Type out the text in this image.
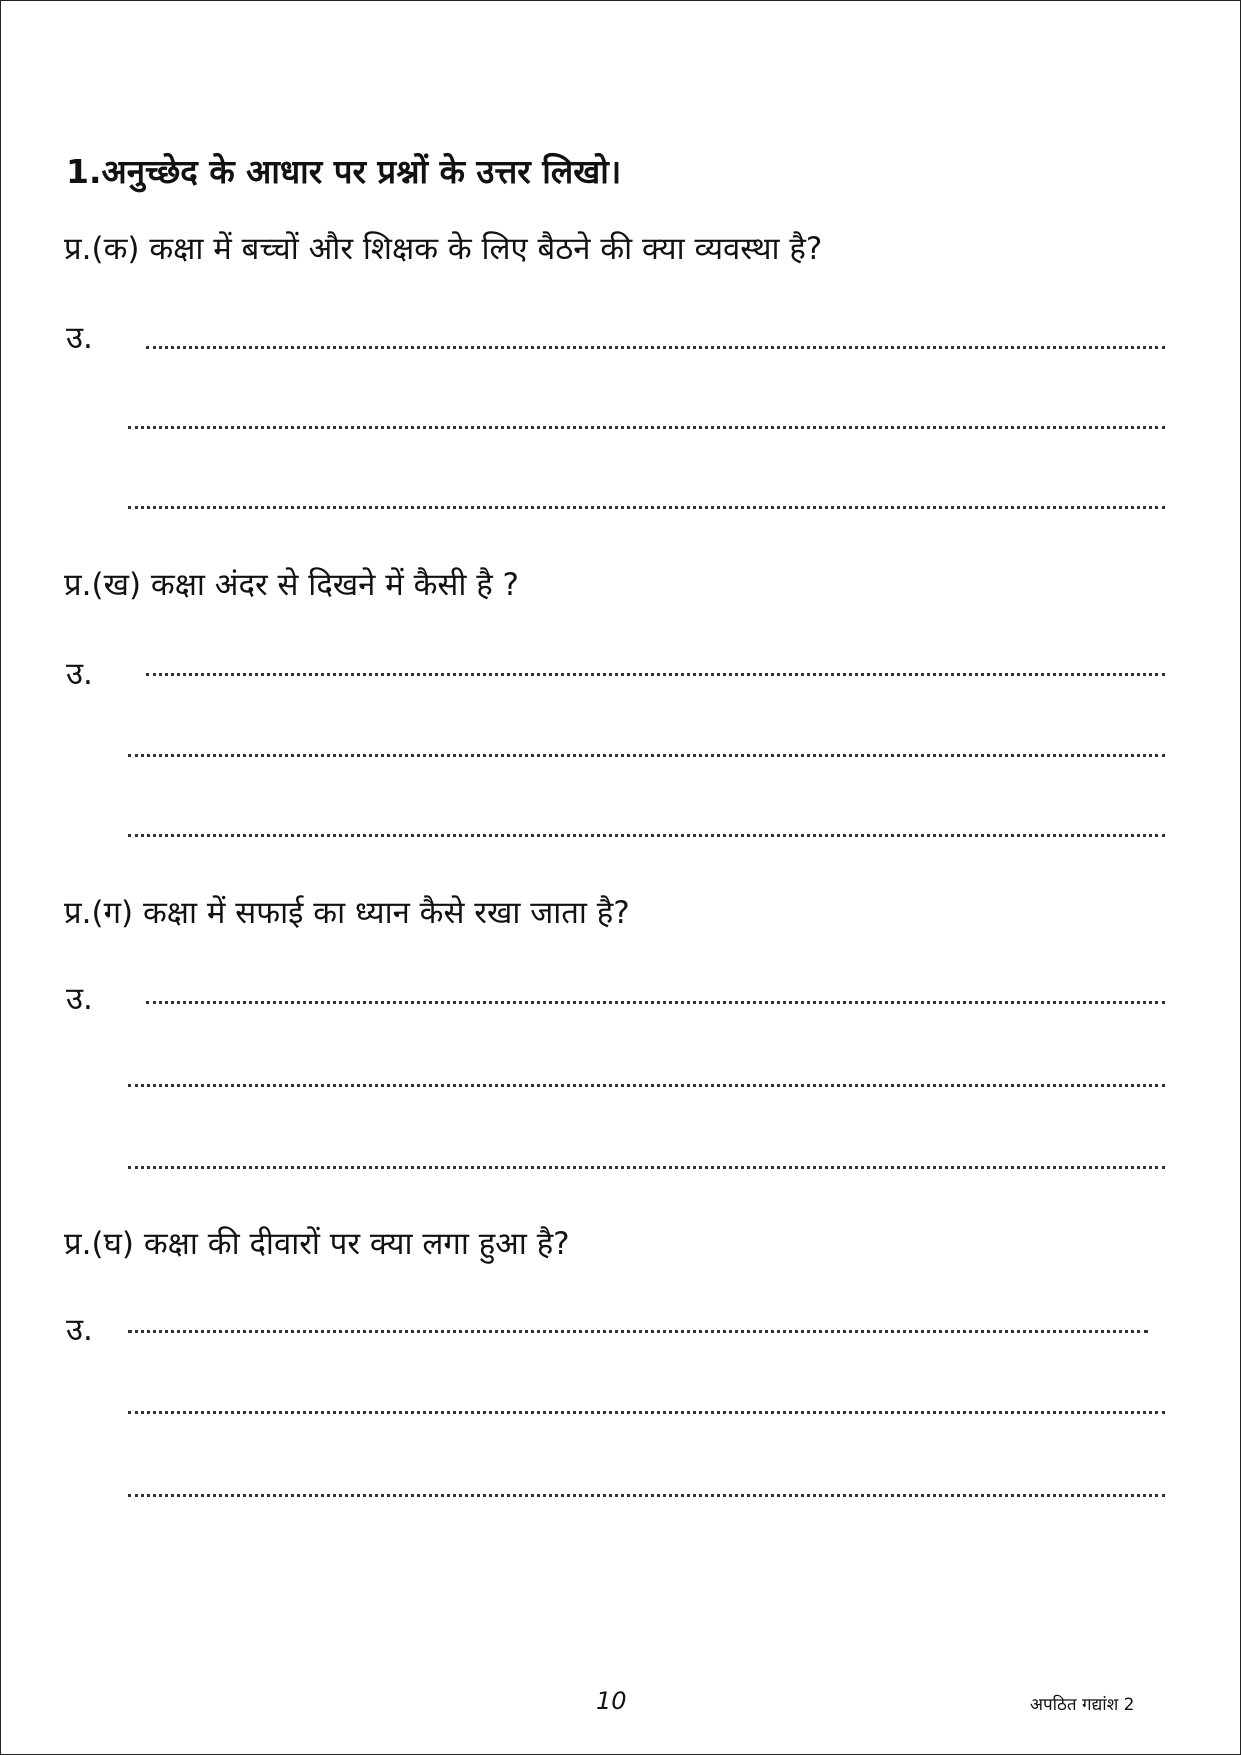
1.अनुच्छेद के आधार पर प्रश्नों के उत्तर लिखो।
प्र.(क) कक्षा में बच्चों और शिक्षक के लिए बैठने की क्या व्यवस्था है?
उ.
प्र.(ख) कक्षा अंदर से दिखने में कैसी है ?
उ.
प्र.(ग) कक्षा में सफाई का ध्यान कैसे रखा जाता है?
उ.
प्र.(घ) कक्षा की दीवारों पर क्या लगा हुआ है?
उ.
10	अपठित गद्यांश 2
